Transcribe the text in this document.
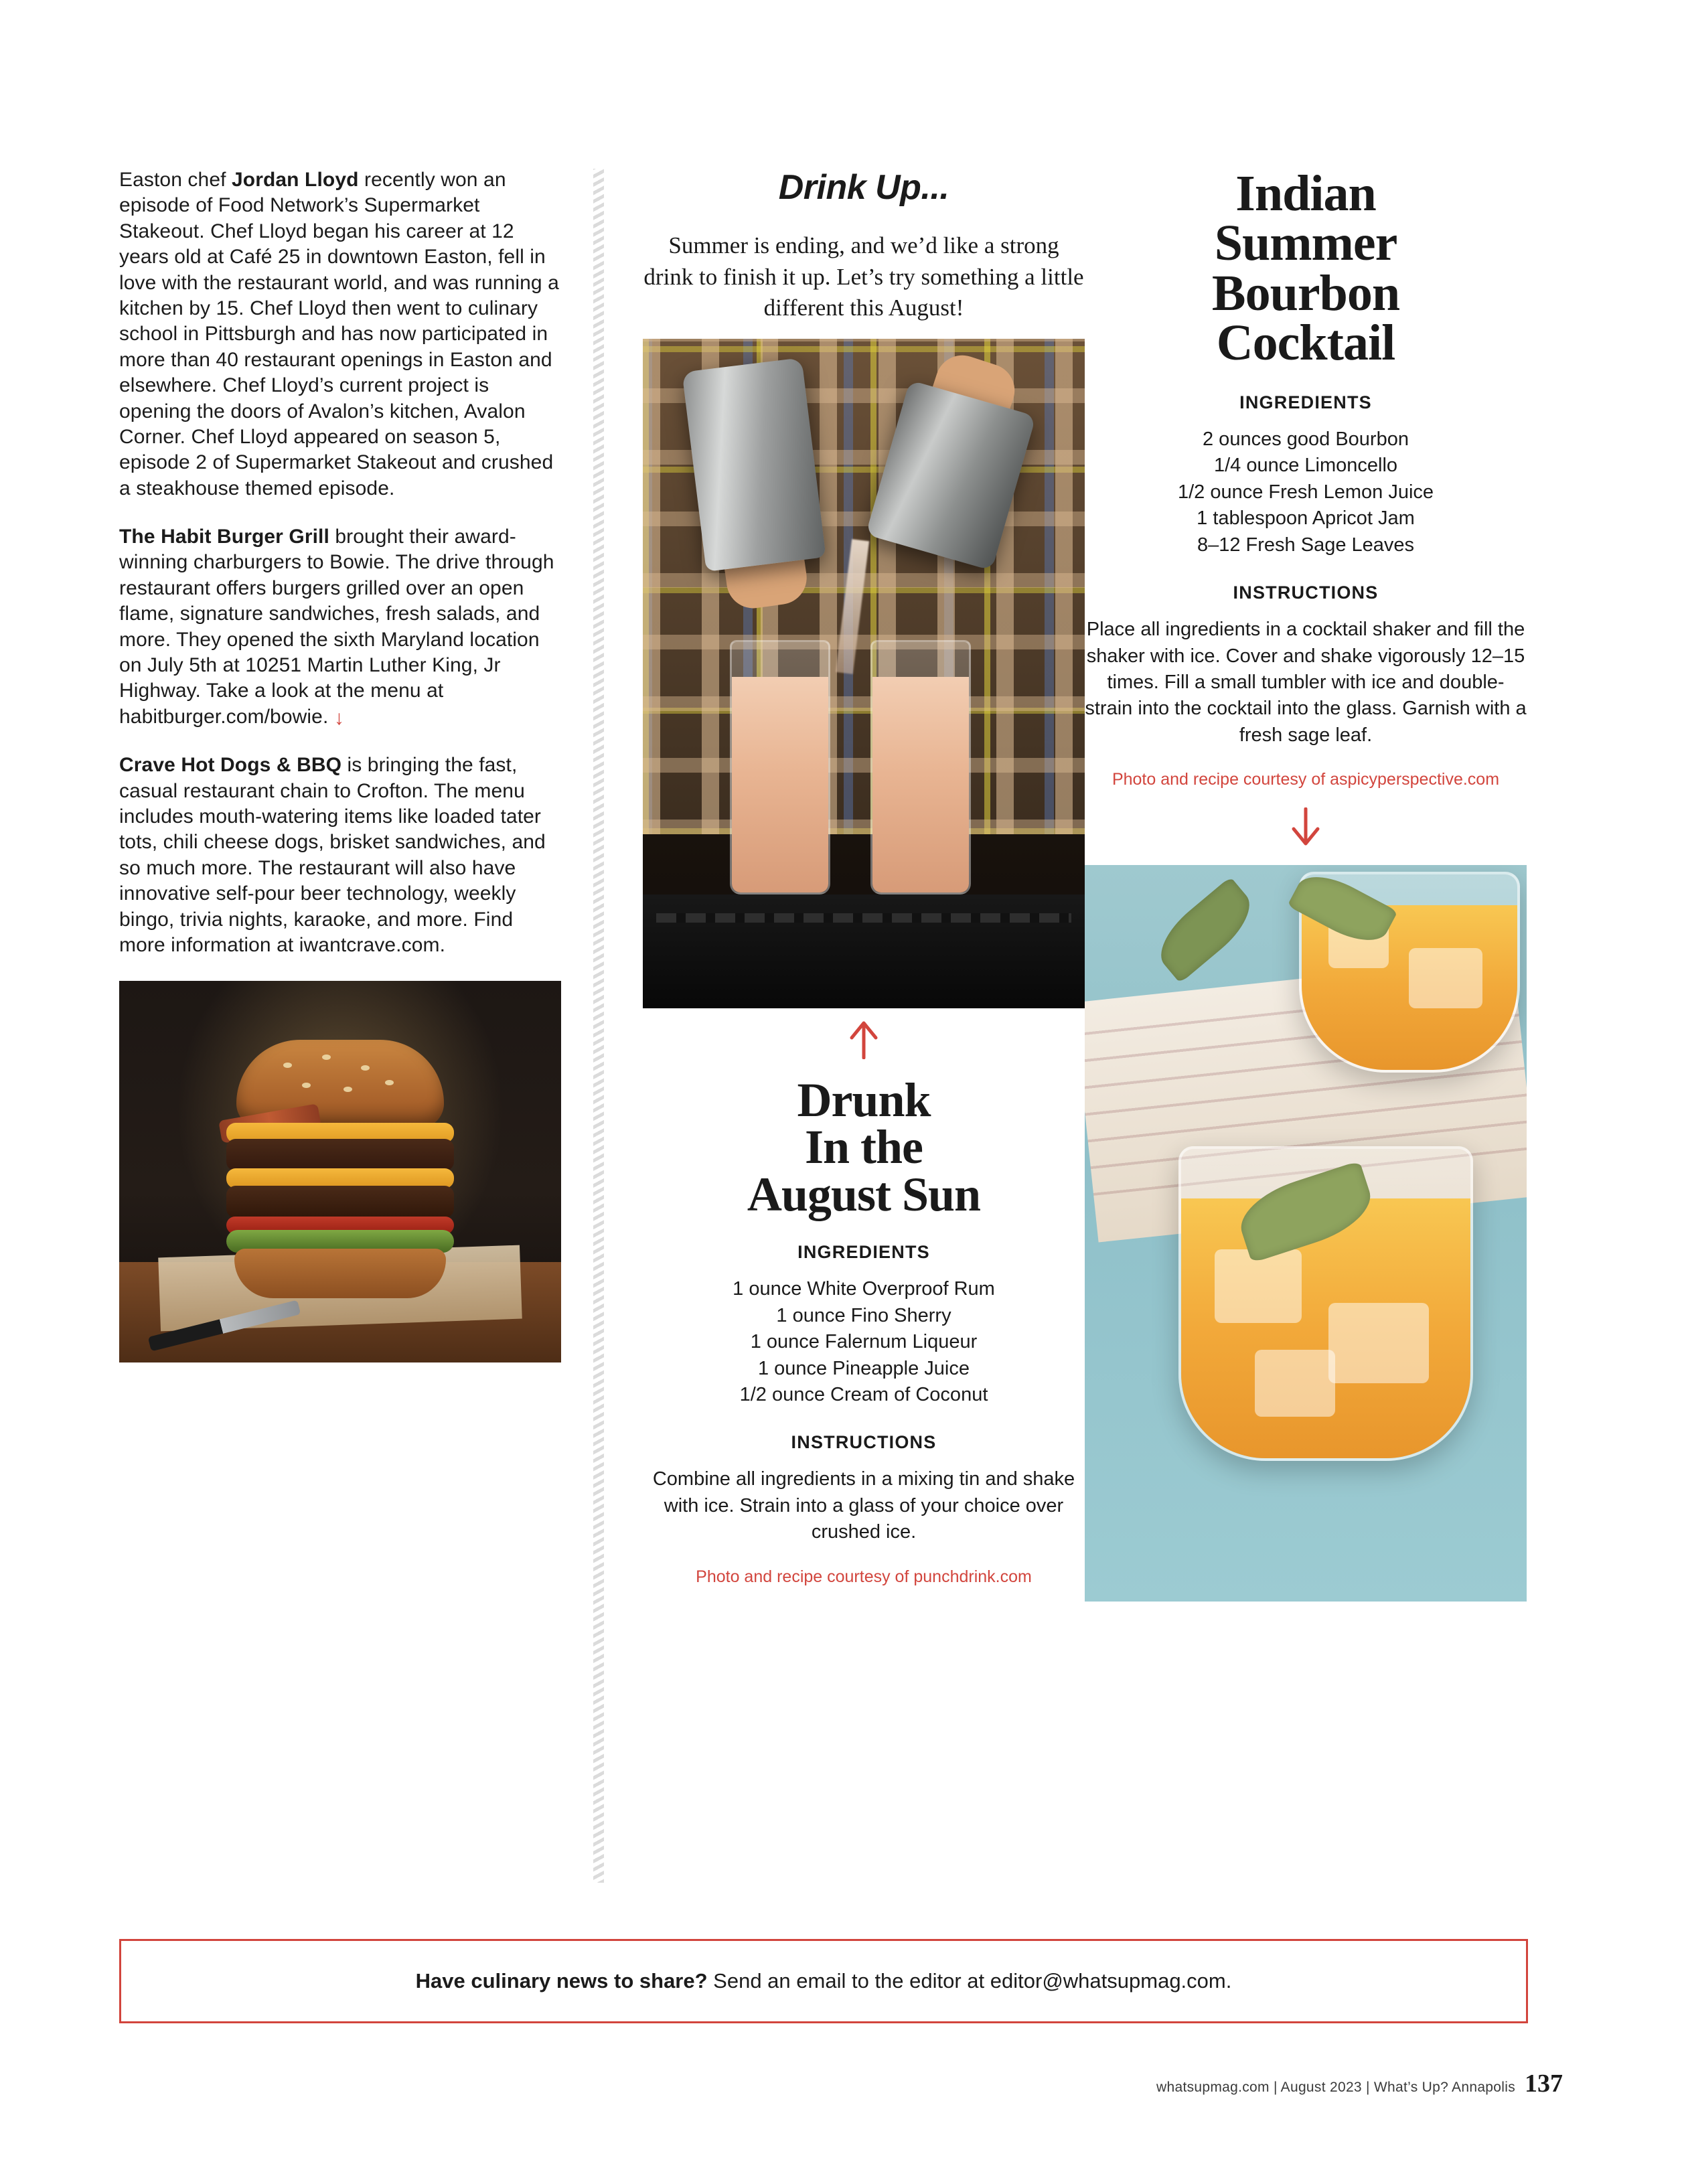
Easton chef Jordan Lloyd recently won an episode of Food Network’s Supermarket Stakeout. Chef Lloyd began his career at 12 years old at Café 25 in downtown Easton, fell in love with the restaurant world, and was running a kitchen by 15. Chef Lloyd then went to culinary school in Pittsburgh and has now participated in more than 40 restaurant openings in Easton and elsewhere. Chef Lloyd’s current project is opening the doors of Avalon’s kitchen, Avalon Corner. Chef Lloyd appeared on season 5, episode 2 of Supermarket Stakeout and crushed a steakhouse themed episode.

The Habit Burger Grill brought their award-winning charburgers to Bowie. The drive through restaurant offers burgers grilled over an open flame, signature sandwiches, fresh salads, and more. They opened the sixth Maryland location on July 5th at 10251 Martin Luther King, Jr Highway. Take a look at the menu at habitburger.com/bowie. ↓

Crave Hot Dogs & BBQ is bringing the fast, casual restaurant chain to Crofton. The menu includes mouth-watering items like loaded tater tots, chili cheese dogs, brisket sandwiches, and so much more. The restaurant will also have innovative self-pour beer technology, weekly bingo, trivia nights, karaoke, and more. Find more information at iwantcrave.com.

Drink Up...

Summer is ending, and we’d like a strong drink to finish it up. Let’s try something a little different this August!

Drunk
In the
August Sun
INGREDIENTS

1 ounce White Overproof Rum

1 ounce Fino Sherry

1 ounce Falernum Liqueur

1 ounce Pineapple Juice

1/2 ounce Cream of Coconut

INSTRUCTIONS

Combine all ingredients in a mixing tin and shake with ice. Strain into a glass of your choice over crushed ice.

Photo and recipe courtesy of punchdrink.com

Indian
Summer
Bourbon
Cocktail
INGREDIENTS

2 ounces good Bourbon

1/4 ounce Limoncello

1/2 ounce Fresh Lemon Juice

1 tablespoon Apricot Jam

8–12 Fresh Sage Leaves

INSTRUCTIONS

Place all ingredients in a cocktail shaker and fill the shaker with ice. Cover and shake vigorously 12–15 times. Fill a small tumbler with ice and double-strain into the cocktail into the glass. Garnish with a fresh sage leaf.

Photo and recipe courtesy of aspicyperspective.com

Have culinary news to share? Send an email to the editor at editor@whatsupmag.com.
whatsupmag.com | August 2023 | What’s Up? Annapolis 137
